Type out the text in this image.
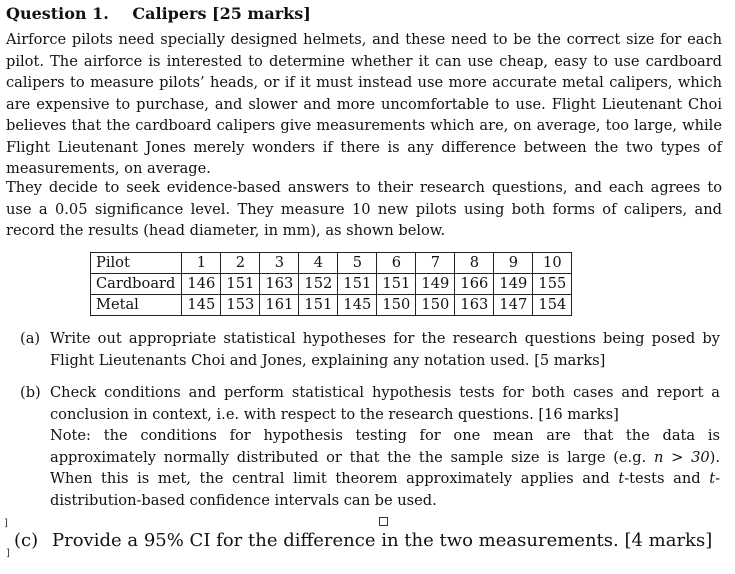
Question 1. Calipers [25 marks]
Airforce pilots need specially designed helmets, and these need to be the correct size for each pilot. The airforce is interested to determine whether it can use cheap, easy to use cardboard calipers to measure pilots’ heads, or if it must instead use more accurate metal calipers, which are expensive to purchase, and slower and more uncomfortable to use. Flight Lieutenant Choi believes that the cardboard calipers give measurements which are, on average, too large, while Flight Lieutenant Jones merely wonders if there is any difference between the two types of measurements, on average.
They decide to seek evidence-based answers to their research questions, and each agrees to use a 0.05 significance level. They measure 10 new pilots using both forms of calipers, and record the results (head diameter, in mm), as shown below.
Pilot	1	2	3	4	5	6	7	8	9	10
Cardboard	146	151	163	152	151	151	149	166	149	155
Metal	145	153	161	151	145	150	150	163	147	154
(a) Write out appropriate statistical hypotheses for the research questions being posed by Flight Lieutenants Choi and Jones, explaining any notation used. [5 marks]
(b) Check conditions and perform statistical hypothesis tests for both cases and report a conclusion in context, i.e. with respect to the research questions. [16 marks]
Note: the conditions for hypothesis testing for one mean are that the data is approximately normally distributed or that the the sample size is large (e.g. n > 30). When this is met, the central limit theorem approximately applies and t-tests and t-distribution-based confidence intervals can be used.
]
]
(c) Provide a 95% CI for the difference in the two measurements. [4 marks]
